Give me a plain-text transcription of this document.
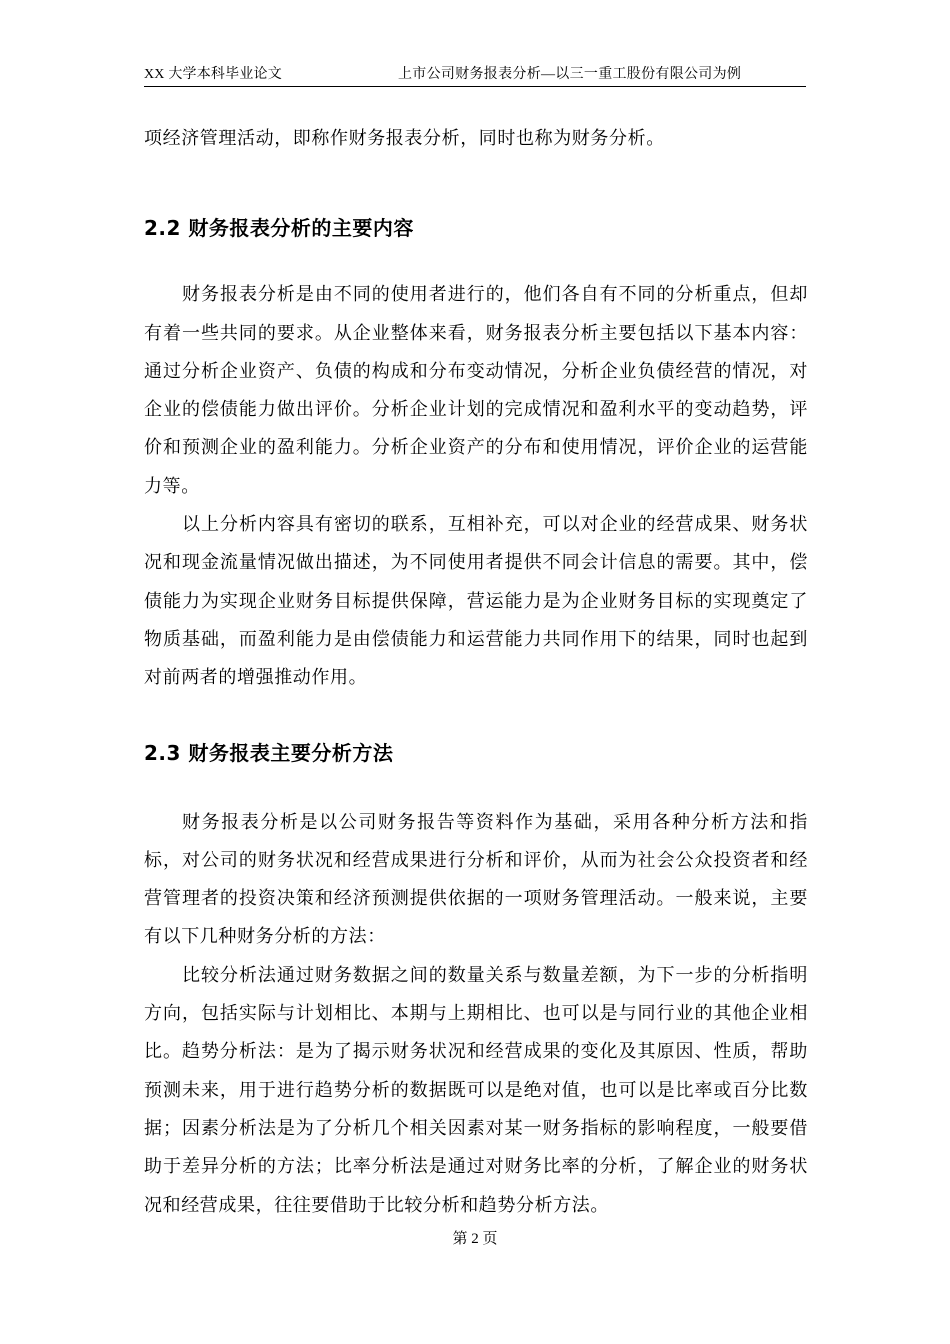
XX 大学本科毕业论文	上市公司财务报表分析—以三一重工股份有限公司为例

项经济管理活动，即称作财务报表分析，同时也称为财务分析。

2.2 财务报表分析的主要内容

财务报表分析是由不同的使用者进行的，他们各自有不同的分析重点，但却有着一些共同的要求。从企业整体来看，财务报表分析主要包括以下基本内容：通过分析企业资产、负债的构成和分布变动情况，分析企业负债经营的情况，对企业的偿债能力做出评价。分析企业计划的完成情况和盈利水平的变动趋势，评价和预测企业的盈利能力。分析企业资产的分布和使用情况，评价企业的运营能力等。

以上分析内容具有密切的联系，互相补充，可以对企业的经营成果、财务状况和现金流量情况做出描述，为不同使用者提供不同会计信息的需要。其中，偿债能力为实现企业财务目标提供保障，营运能力是为企业财务目标的实现奠定了物质基础，而盈利能力是由偿债能力和运营能力共同作用下的结果，同时也起到对前两者的增强推动作用。

2.3 财务报表主要分析方法

财务报表分析是以公司财务报告等资料作为基础，采用各种分析方法和指标，对公司的财务状况和经营成果进行分析和评价，从而为社会公众投资者和经营管理者的投资决策和经济预测提供依据的一项财务管理活动。一般来说，主要有以下几种财务分析的方法：

比较分析法通过财务数据之间的数量关系与数量差额，为下一步的分析指明方向，包括实际与计划相比、本期与上期相比、也可以是与同行业的其他企业相比。趋势分析法：是为了揭示财务状况和经营成果的变化及其原因、性质，帮助预测未来，用于进行趋势分析的数据既可以是绝对值，也可以是比率或百分比数据；因素分析法是为了分析几个相关因素对某一财务指标的影响程度，一般要借助于差异分析的方法；比率分析法是通过对财务比率的分析，了解企业的财务状况和经营成果，往往要借助于比较分析和趋势分析方法。

第 2 页
